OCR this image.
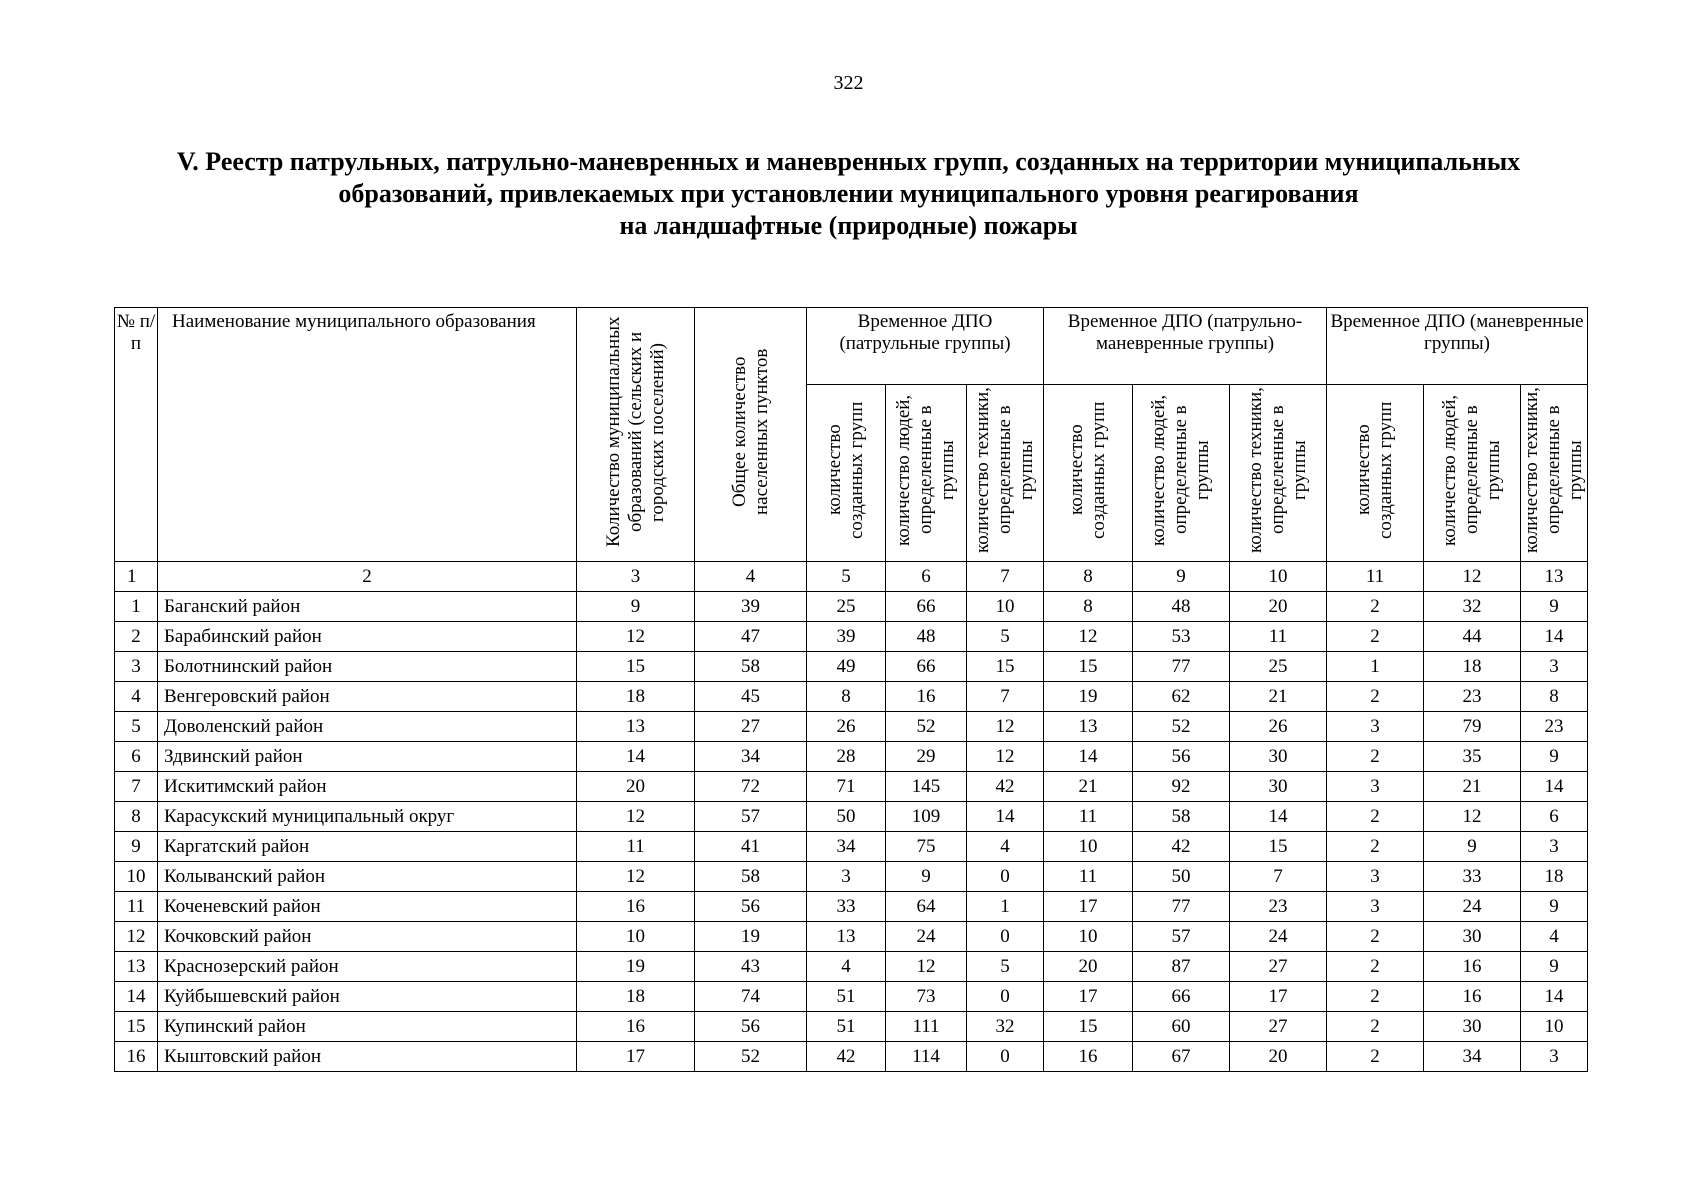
322
V. Реестр патрульных, патрульно-маневренных и маневренных групп, созданных на территории муниципальных
образований, привлекаемых при установлении муниципального уровня реагирования
на ландшафтные (природные) пожары
№ п/п	Наименование муниципального образования	Количество муниципальных образований (сельских и городских поселений)	Общее количество населенных пунктов	Временное ДПО (патрульные группы)			Временное ДПО (патрульно-маневренные группы)			Временное ДПО (маневренные группы)		
				количество созданных групп	количество людей, определенные в группы	количество техники, определенные в группы	количество созданных групп	количество людей, определенные в группы	количество техники, определенные в группы	количество созданных групп	количество людей, определенные в группы	количество техники, определенные в группы
1	2	3	4	5	6	7	8	9	10	11	12	13
1	Баганский район	9	39	25	66	10	8	48	20	2	32	9
2	Барабинский район	12	47	39	48	5	12	53	11	2	44	14
3	Болотнинский район	15	58	49	66	15	15	77	25	1	18	3
4	Венгеровский район	18	45	8	16	7	19	62	21	2	23	8
5	Доволенский район	13	27	26	52	12	13	52	26	3	79	23
6	Здвинский район	14	34	28	29	12	14	56	30	2	35	9
7	Искитимский район	20	72	71	145	42	21	92	30	3	21	14
8	Карасукский муниципальный округ	12	57	50	109	14	11	58	14	2	12	6
9	Каргатский район	11	41	34	75	4	10	42	15	2	9	3
10	Колыванский район	12	58	3	9	0	11	50	7	3	33	18
11	Коченевский район	16	56	33	64	1	17	77	23	3	24	9
12	Кочковский район	10	19	13	24	0	10	57	24	2	30	4
13	Краснозерский район	19	43	4	12	5	20	87	27	2	16	9
14	Куйбышевский район	18	74	51	73	0	17	66	17	2	16	14
15	Купинский район	16	56	51	111	32	15	60	27	2	30	10
16	Кыштовский район	17	52	42	114	0	16	67	20	2	34	3
